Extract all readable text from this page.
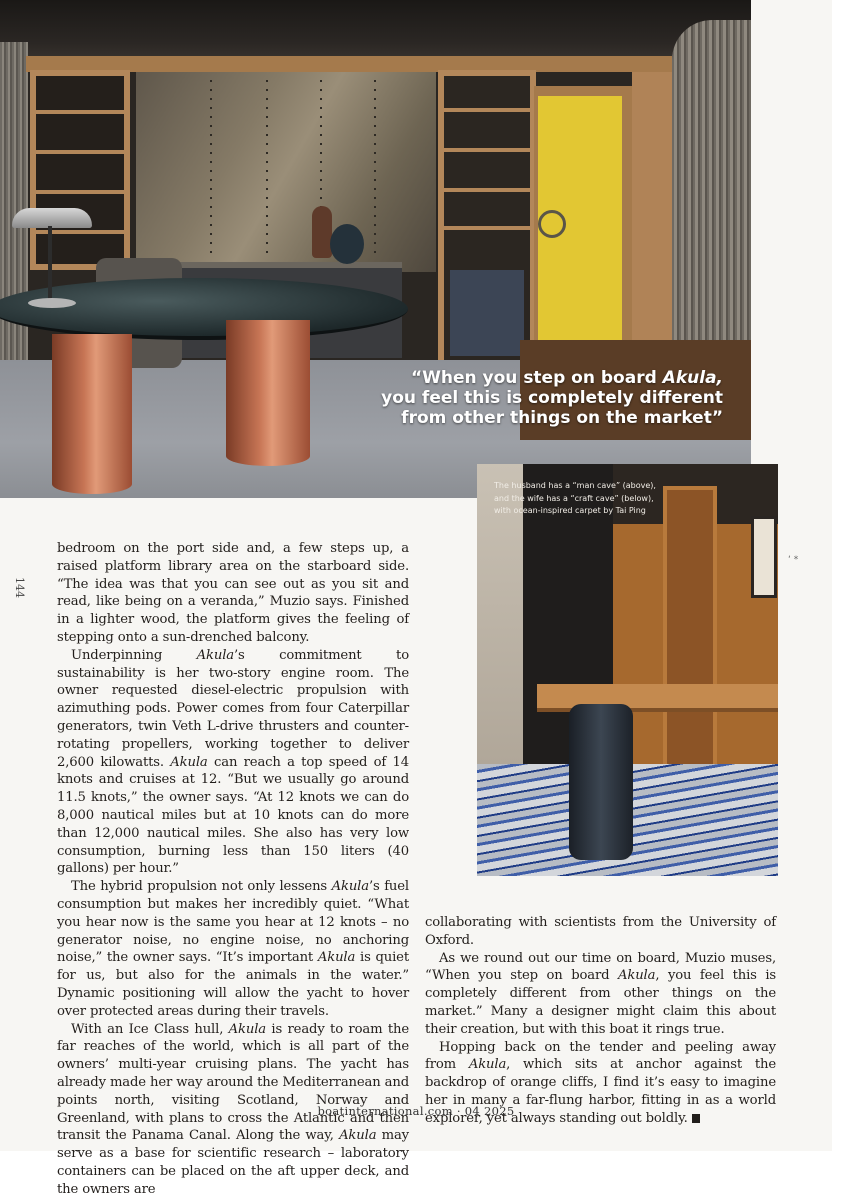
“When you step on board Akula,
you feel this is completely different
from other things on the market”
The husband has a “man cave” (above), and the wife has a “craft cave” (below), with ocean-inspired carpet by Tai Ping
144
‘ *

bedroom on the port side and, a few steps up, a raised platform library area on the starboard side. “The idea was that you can see out as you sit and read, like being on a veranda,” Muzio says. Finished in a lighter wood, the platform gives the feeling of stepping onto a sun-drenched balcony.

Underpinning Akula’s commitment to sustainability is her two-story engine room. The owner requested diesel-electric propulsion with azimuthing pods. Power comes from four Caterpillar generators, twin Veth L-drive thrusters and counter-rotating propellers, working together to deliver 2,600 kilowatts. Akula can reach a top speed of 14 knots and cruises at 12. “But we usually go around 11.5 knots,” the owner says. “At 12 knots we can do 8,000 nautical miles but at 10 knots can do more than 12,000 nautical miles. She also has very low consumption, burning less than 150 liters (40 gallons) per hour.”

The hybrid propulsion not only lessens Akula’s fuel consumption but makes her incredibly quiet. “What you hear now is the same you hear at 12 knots – no generator noise, no engine noise, no anchoring noise,” the owner says. “It’s important Akula is quiet for us, but also for the animals in the water.” Dynamic positioning will allow the yacht to hover over protected areas during their travels.

With an Ice Class hull, Akula is ready to roam the far reaches of the world, which is all part of the owners’ multi-year cruising plans. The yacht has already made her way around the Mediterranean and points north, visiting Scotland, Norway and Greenland, with plans to cross the Atlantic and then transit the Panama Canal. Along the way, Akula may serve as a base for scientific research – laboratory containers can be placed on the aft upper deck, and the owners are

collaborating with scientists from the University of Oxford.

As we round out our time on board, Muzio muses, “When you step on board Akula, you feel this is completely different from other things on the market.” Many a designer might claim this about their creation, but with this boat it rings true.

Hopping back on the tender and peeling away from Akula, which sits at anchor against the backdrop of orange cliffs, I find it’s easy to imagine her in many a far-flung harbor, fitting in as a world explorer, yet always standing out boldly.

boatinternational.com · 04 2025
